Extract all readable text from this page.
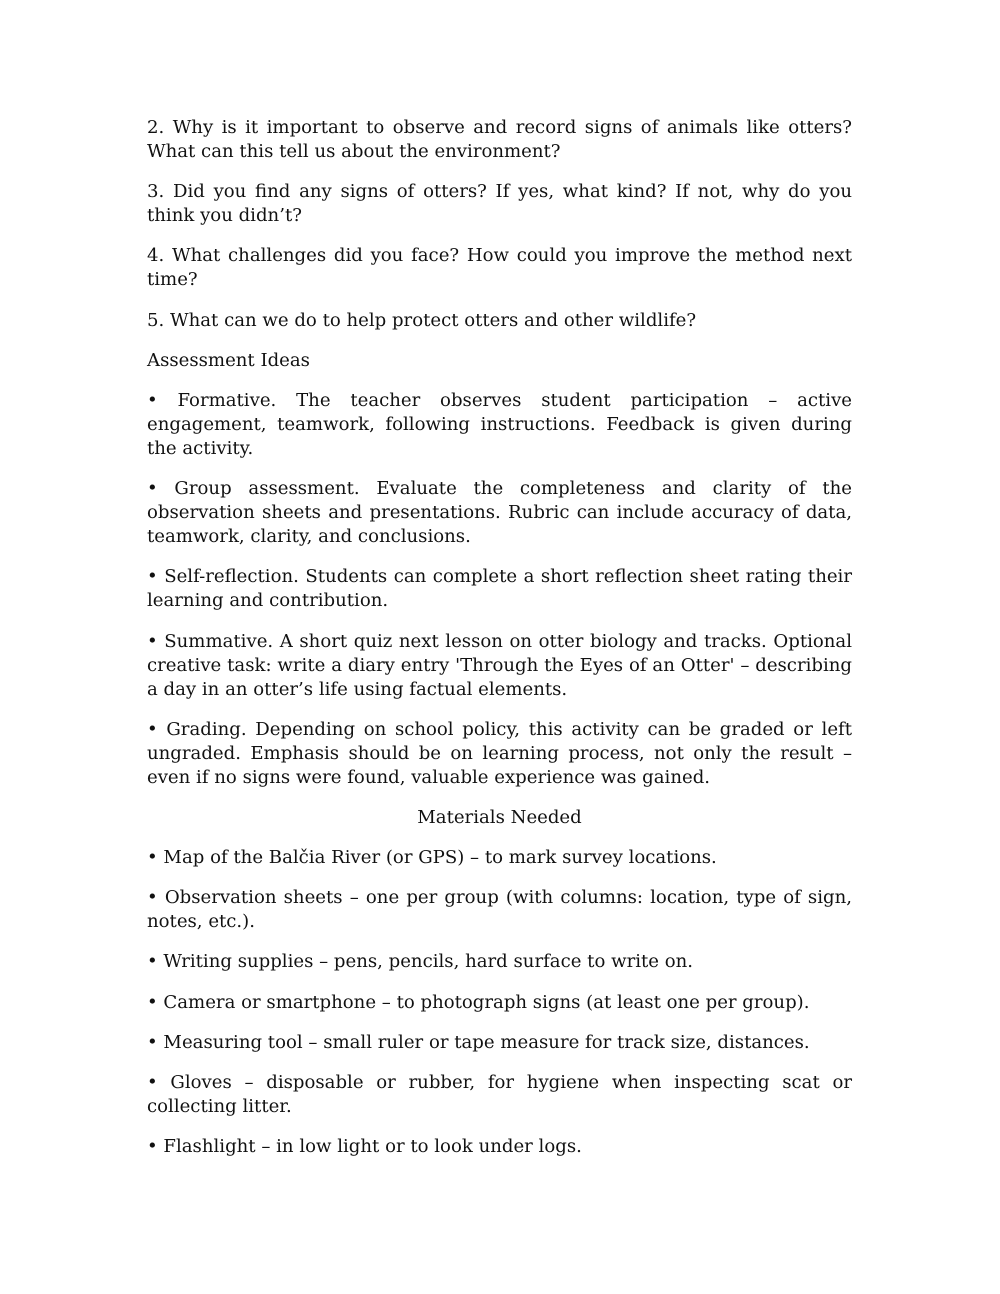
2. Why is it important to observe and record signs of animals like otters? What can this tell us about the environment?

3. Did you find any signs of otters? If yes, what kind? If not, why do you think you didn’t?

4. What challenges did you face? How could you improve the method next time?

5. What can we do to help protect otters and other wildlife?

Assessment Ideas

• Formative. The teacher observes student participation – active engagement, teamwork, following instructions. Feedback is given during the activity.

• Group assessment. Evaluate the completeness and clarity of the observation sheets and presentations. Rubric can include accuracy of data, teamwork, clarity, and conclusions.

• Self-reflection. Students can complete a short reflection sheet rating their learning and contribution.

• Summative. A short quiz next lesson on otter biology and tracks. Optional creative task: write a diary entry 'Through the Eyes of an Otter' – describing a day in an otter’s life using factual elements.

• Grading. Depending on school policy, this activity can be graded or left ungraded. Emphasis should be on learning process, not only the result – even if no signs were found, valuable experience was gained.

Materials Needed

• Map of the Balčia River (or GPS) – to mark survey locations.

• Observation sheets – one per group (with columns: location, type of sign, notes, etc.).

• Writing supplies – pens, pencils, hard surface to write on.

• Camera or smartphone – to photograph signs (at least one per group).

• Measuring tool – small ruler or tape measure for track size, distances.

• Gloves – disposable or rubber, for hygiene when inspecting scat or collecting litter.

• Flashlight – in low light or to look under logs.
